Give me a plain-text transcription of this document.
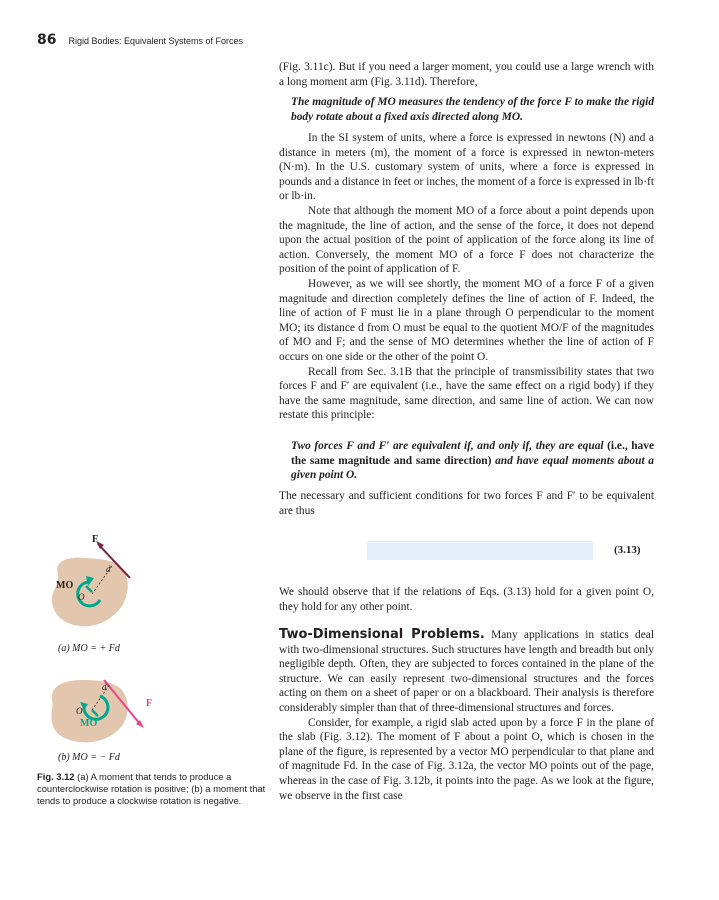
86 Rigid Bodies: Equivalent Systems of Forces

(Fig. 3.11c). But if you need a larger moment, you could use a large wrench with a long moment arm (Fig. 3.11d). Therefore,

The magnitude of MO measures the tendency of the force F to make the rigid body rotate about a fixed axis directed along MO.

In the SI system of units, where a force is expressed in newtons (N) and a distance in meters (m), the moment of a force is expressed in newton-meters (N·m). In the U.S. customary system of units, where a force is expressed in pounds and a distance in feet or inches, the moment of a force is expressed in lb·ft or lb·in.

Note that although the moment MO of a force about a point depends upon the magnitude, the line of action, and the sense of the force, it does not depend upon the actual position of the point of application of the force along its line of action. Conversely, the moment MO of a force F does not characterize the position of the point of application of F.

However, as we will see shortly, the moment MO of a force F of a given magnitude and direction completely defines the line of action of F. Indeed, the line of action of F must lie in a plane through O perpendicular to the moment MO; its distance d from O must be equal to the quotient MO/F of the magnitudes of MO and F; and the sense of MO determines whether the line of action of F occurs on one side or the other of the point O.

Recall from Sec. 3.1B that the principle of transmissibility states that two forces F and F′ are equivalent (i.e., have the same effect on a rigid body) if they have the same magnitude, same direction, and same line of action. We can now restate this principle:

Two forces F and F′ are equivalent if, and only if, they are equal (i.e., have the same magnitude and same direction) and have equal moments about a given point O.

The necessary and sufficient conditions for two forces F and F′ to be equivalent are thus

(3.13)

We should observe that if the relations of Eqs. (3.13) hold for a given point O, they hold for any other point.

Two-Dimensional Problems. Many applications in statics deal with two-dimensional structures. Such structures have length and breadth but only negligible depth. Often, they are subjected to forces contained in the plane of the structure. We can easily represent two-dimensional structures and the forces acting on them on a sheet of paper or on a blackboard. Their analysis is therefore considerably simpler than that of three-dimensional structures and forces.

Consider, for example, a rigid slab acted upon by a force F in the plane of the slab (Fig. 3.12). The moment of F about a point O, which is chosen in the plane of the figure, is represented by a vector MO perpendicular to that plane and of magnitude Fd. In the case of Fig. 3.12a, the vector MO points out of the page, whereas in the case of Fig. 3.12b, it points into the page. As we look at the figure, we observe in the first case

F
d
MO
O
(a) MO = + Fd
F
d
MO
O
(b) MO = − Fd
Fig. 3.12 (a) A moment that tends to produce a counterclockwise rotation is positive; (b) a moment that tends to produce a clockwise rotation is negative.
